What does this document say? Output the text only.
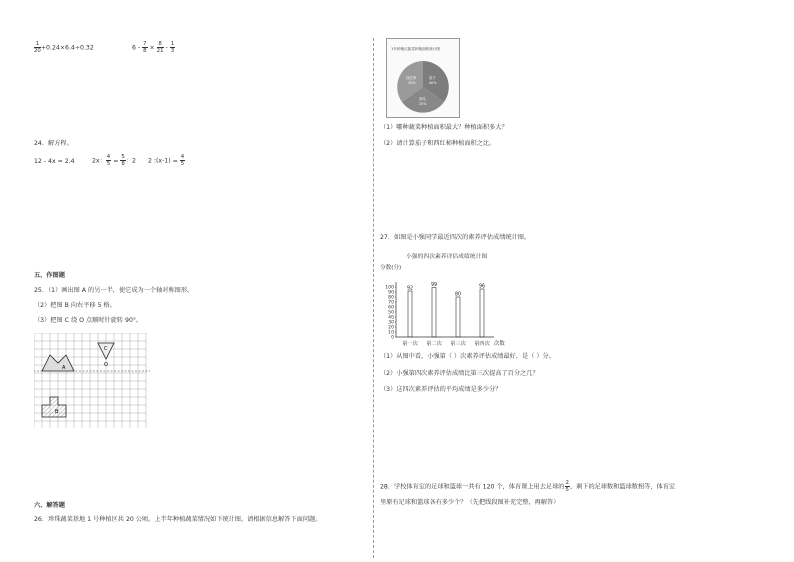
$\frac{1}{20} +0.24\times 6.4\div 0.32$	$6 - \frac{7}{8} \times \frac{8}{21} - \frac{1}{3}$
24．解方程。
12 - 4x = 2.4	2x： $\frac{4}{5} = \frac{5}{8}$ ：2 2 :(x-1) = $\frac{4}{5}$
五、作图题
25．（1）画出图 A 的另一半，使它成为一个轴对称图形。
（2）把图 B 向右平移 5 格。
（3）把图 C 绕 O 点顺时针旋转 90°。
A
C
O
B
六、解答题
26．珍珠蔬菜基地 1 号种植区共 20 公顷。上半年种植蔬菜情况如下统计图。请根据信息解答下面问题。
1号种植区蔬菜种植面积统计图
西红柿
35%
茄子
40%
黄瓜
25%
（1）哪种蔬菜种植面积最大？种植面积多大？
（2）请计算茄子和西红柿种植面积之比。
27．如图是小强同学最近四次的素养评估成绩统计图。
小强的四次素养评估成绩统计图
分数(分)
100
90
80
70
60
50
40
30
20
10
0
92
99
80
96
第一次 第二次 第三次 第四次 次数
（1）从图中看，小强第（ ）次素养评估成绩最好，是（ ）分。
（2）小强第四次素养评估成绩比第三次提高了百分之几？
（3）这四次素养评估的平均成绩是多少分？
28．学校体育室的足球和篮球一共有 120 个，体育课上用去足球的 $\frac{2}{5}$ ，剩下的足球数和篮球数相等，体育室
里原有足球和篮球各有多少个？（先把线段图补充完整，再解答）
